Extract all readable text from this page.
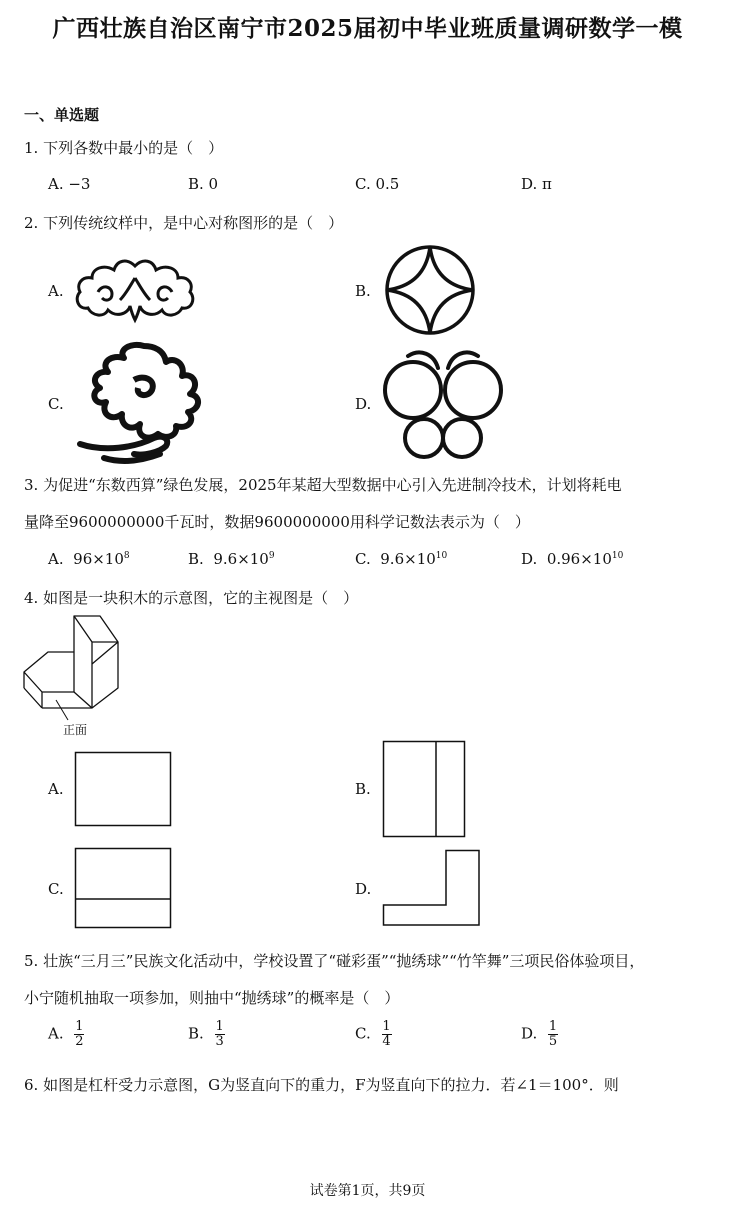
广西壮族自治区南宁市2025届初中毕业班质量调研数学一模
一、单选题
1. 下列各数中最小的是（　）
A. −3	B. 0	C. 0.5	D. π
2. 下列传统纹样中，是中心对称图形的是（　）
A.	B.
C.	D.
3. 为促进“东数西算”绿色发展，2025年某超大型数据中心引入先进制冷技术，计划将耗电
量降至9600000000千瓦时，数据9600000000用科学记数法表示为（　）
A. $96\times 10^8$	B. $9.6\times 10^9$	C. $9.6\times 10^{10}$	D. $0.96\times 10^{10}$
4. 如图是一块积木的示意图，它的主视图是（　）
正面
A.	B.
C.	D.
5. 壮族“三月三”民族文化活动中，学校设置了“碰彩蛋”“抛绣球”“竹竿舞”三项民俗体验项目，
小宁随机抽取一项参加，则抽中“抛绣球”的概率是（　）
A. $\frac{1}{2}$	B. $\frac{1}{3}$	C. $\frac{1}{4}$	D. $\frac{1}{5}$
6. 如图是杠杆受力示意图，G为竖直向下的重力，F为竖直向下的拉力．若∠1＝100°．则
试卷第1页，共9页
